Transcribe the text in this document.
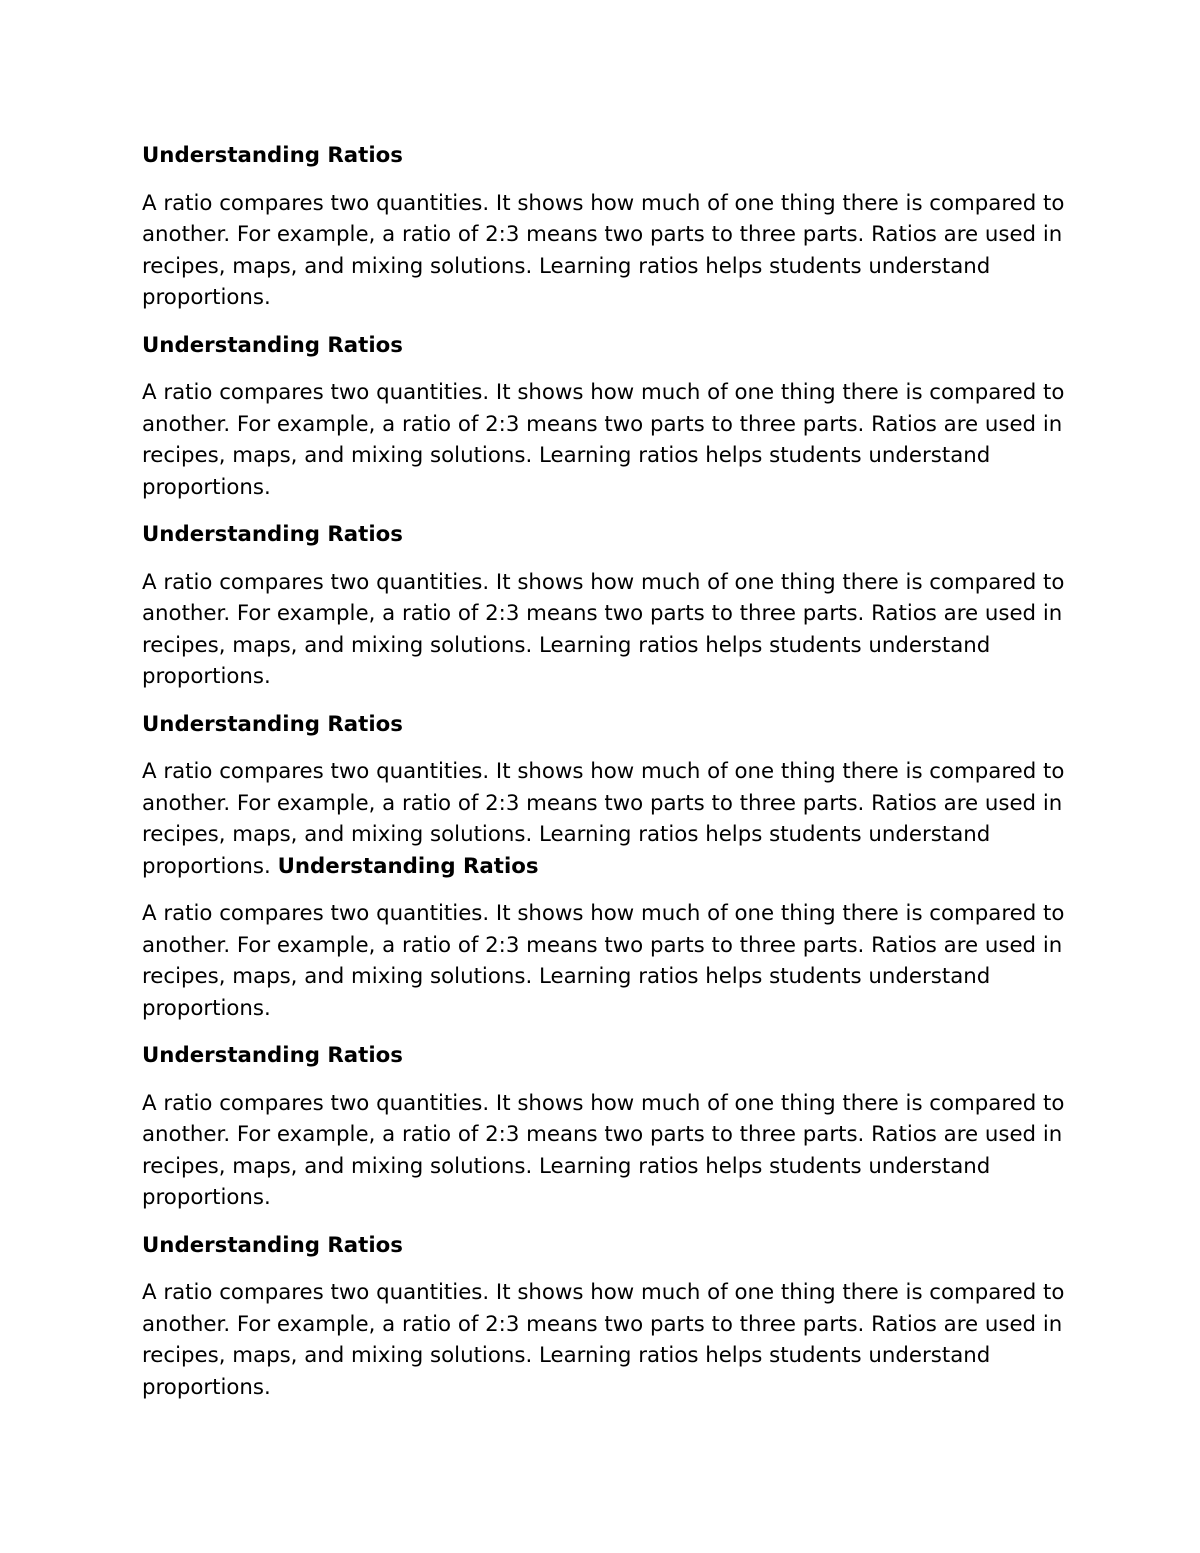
Understanding Ratios

A ratio compares two quantities. It shows how much of one thing there is compared to another. For example, a ratio of 2:3 means two parts to three parts. Ratios are used in recipes, maps, and mixing solutions. Learning ratios helps students understand proportions.

Understanding Ratios

A ratio compares two quantities. It shows how much of one thing there is compared to another. For example, a ratio of 2:3 means two parts to three parts. Ratios are used in recipes, maps, and mixing solutions. Learning ratios helps students understand proportions.

Understanding Ratios

A ratio compares two quantities. It shows how much of one thing there is compared to another. For example, a ratio of 2:3 means two parts to three parts. Ratios are used in recipes, maps, and mixing solutions. Learning ratios helps students understand proportions.

Understanding Ratios

A ratio compares two quantities. It shows how much of one thing there is compared to another. For example, a ratio of 2:3 means two parts to three parts. Ratios are used in recipes, maps, and mixing solutions. Learning ratios helps students understand proportions. Understanding Ratios

A ratio compares two quantities. It shows how much of one thing there is compared to another. For example, a ratio of 2:3 means two parts to three parts. Ratios are used in recipes, maps, and mixing solutions. Learning ratios helps students understand proportions.

Understanding Ratios

A ratio compares two quantities. It shows how much of one thing there is compared to another. For example, a ratio of 2:3 means two parts to three parts. Ratios are used in recipes, maps, and mixing solutions. Learning ratios helps students understand proportions.

Understanding Ratios

A ratio compares two quantities. It shows how much of one thing there is compared to another. For example, a ratio of 2:3 means two parts to three parts. Ratios are used in recipes, maps, and mixing solutions. Learning ratios helps students understand proportions.
